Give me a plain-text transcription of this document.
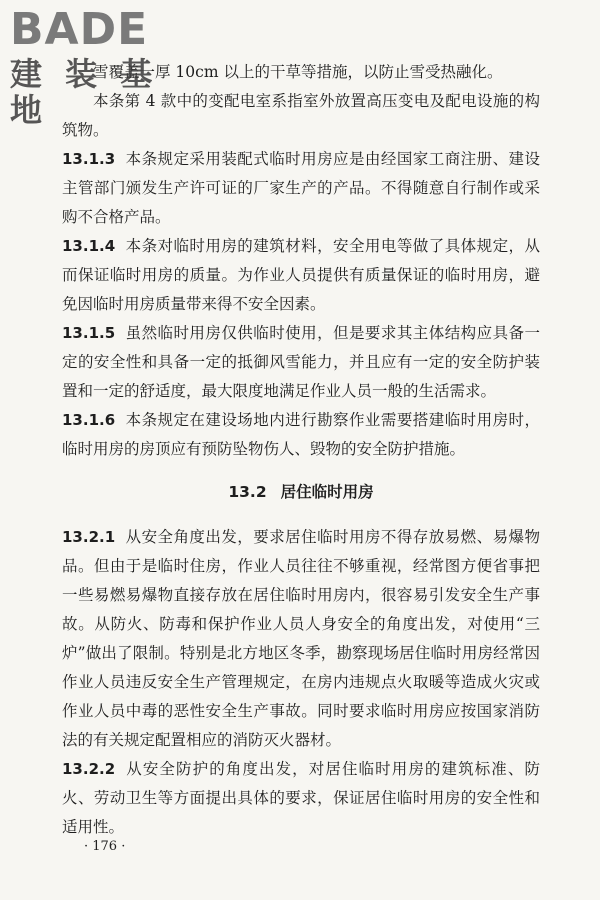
BADE
建 装 基 地

雪覆盖一厚 10cm 以上的干草等措施，以防止雪受热融化。

本条第 4 款中的变配电室系指室外放置高压变电及配电设施的构筑物。

13.1.3 本条规定采用装配式临时用房应是由经国家工商注册、建设主管部门颁发生产许可证的厂家生产的产品。不得随意自行制作或采购不合格产品。

13.1.4 本条对临时用房的建筑材料，安全用电等做了具体规定，从而保证临时用房的质量。为作业人员提供有质量保证的临时用房，避免因临时用房质量带来得不安全因素。

13.1.5 虽然临时用房仅供临时使用，但是要求其主体结构应具备一定的安全性和具备一定的抵御风雪能力，并且应有一定的安全防护装置和一定的舒适度，最大限度地满足作业人员一般的生活需求。

13.1.6 本条规定在建设场地内进行勘察作业需要搭建临时用房时，临时用房的房顶应有预防坠物伤人、毁物的安全防护措施。

13.2 居住临时用房

13.2.1 从安全角度出发，要求居住临时用房不得存放易燃、易爆物品。但由于是临时住房，作业人员往往不够重视，经常图方便省事把一些易燃易爆物直接存放在居住临时用房内，很容易引发安全生产事故。从防火、防毒和保护作业人员人身安全的角度出发，对使用“三炉”做出了限制。特别是北方地区冬季，勘察现场居住临时用房经常因作业人员违反安全生产管理规定，在房内违规点火取暖等造成火灾或作业人员中毒的恶性安全生产事故。同时要求临时用房应按国家消防法的有关规定配置相应的消防灭火器材。

13.2.2 从安全防护的角度出发，对居住临时用房的建筑标准、防火、劳动卫生等方面提出具体的要求，保证居住临时用房的安全性和适用性。

· 176 ·
